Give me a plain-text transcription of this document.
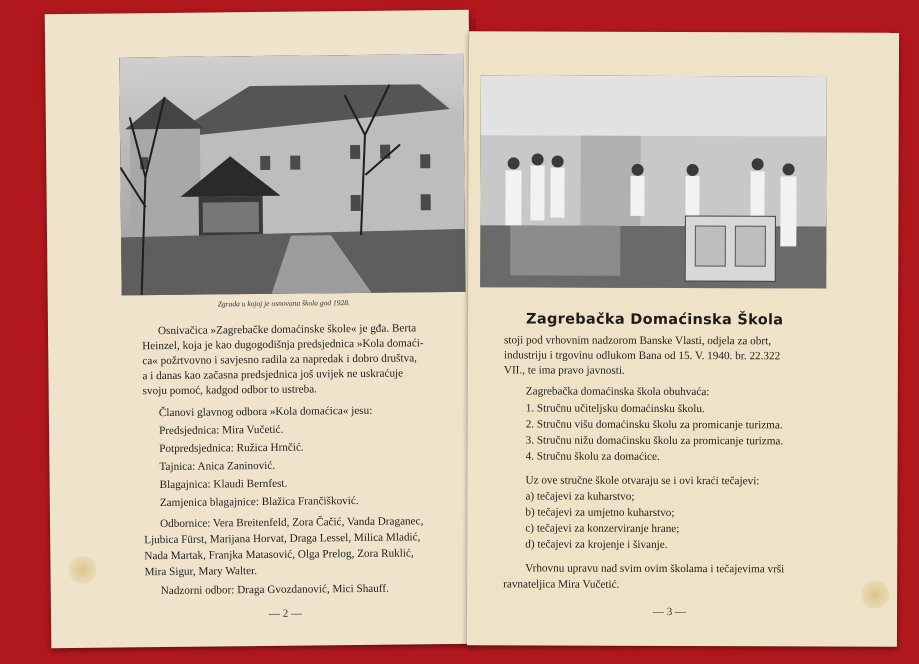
Zgrada u kojoj je osnovana škola god 1928.
Osnivačica »Zagrebačke domaćinske škole« je gđa. Berta
Heinzel, koja je kao dugogodišnja predsjednica »Kola domaći-
ca« požrtvovno i savjesno radila za napredak i dobro društva,
a i danas kao začasna predsjednica još uvijek ne uskraćuje
svoju pomoć, kadgod odbor to ustreba.
Članovi glavnog odbora »Kola domaćica« jesu:
Predsjednica: Mira Vučetić.
Potpredsjednica: Ružica Hrnčić.
Tajnica: Anica Zaninović.
Blagajnica: Klaudi Bernfest.
Zamjenica blagajnice: Blažica Frančišković.
Odbornice: Vera Breitenfeld, Zora Čačić, Vanda Draganec,
Ljubica Fürst, Marijana Horvat, Draga Lessel, Milica Mladić,
Nada Martak, Franjka Matasović, Olga Prelog, Zora Ruklić,
Mira Sigur, Mary Walter.
Nadzorni odbor: Draga Gvozdanović, Mici Shauff.
— 2 —
Zagrebačka Domaćinska Škola
stoji pod vrhovnim nadzorom Banske Vlasti, odjela za obrt,
industriju i trgovinu odlukom Bana od 15. V. 1940. br. 22.322
VII., te ima pravo javnosti.
Zagrebačka domaćinska škola obuhvaća:
1. Stručnu učiteljsku domaćinsku školu.
2. Stručnu višu domaćinsku školu za promicanje turizma.
3. Stručnu nižu domaćinsku školu za promicanje turizma.
4. Stručnu školu za domaćice.
Uz ove stručne škole otvaraju se i ovi kraći tečajevi:
a) tečajevi za kuharstvo;
b) tečajevi za umjetno kuharstvo;
c) tečajevi za konzerviranje hrane;
d) tečajevi za krojenje i šivanje.
Vrhovnu upravu nad svim ovim školama i tečajevima vrši
ravnateljica Mira Vučetić.
— 3 —
